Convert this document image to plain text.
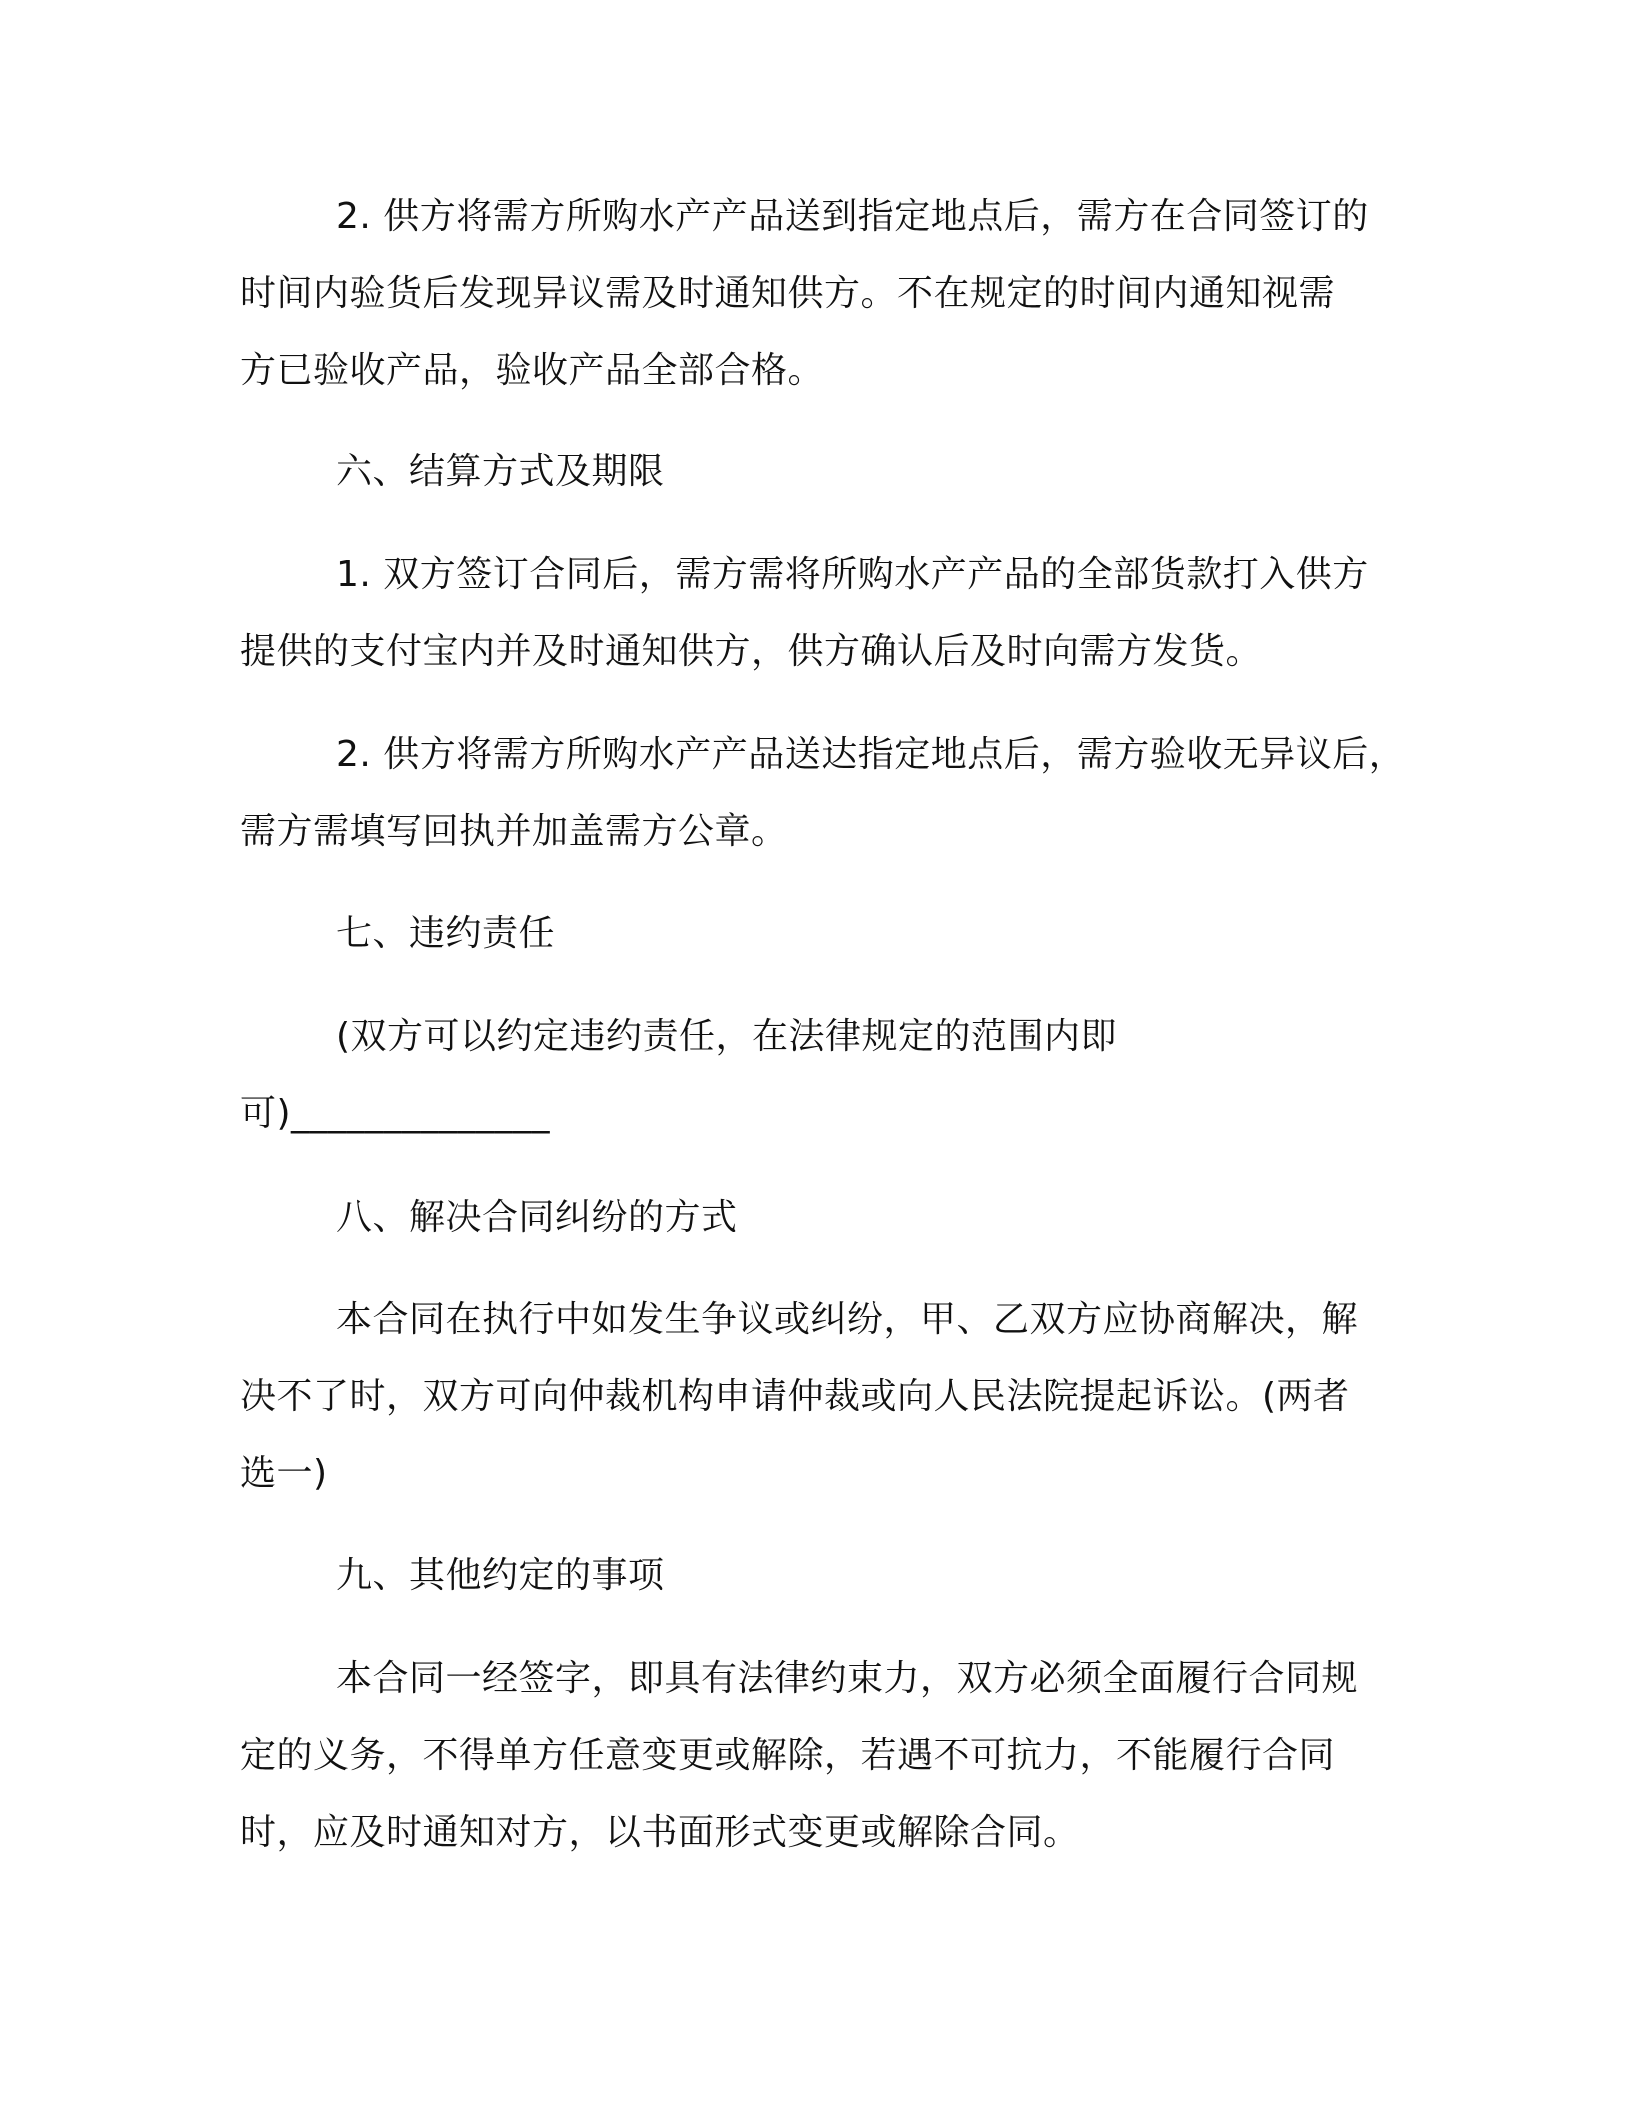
2. 供方将需方所购水产产品送到指定地点后，需方在合同签订的
时间内验货后发现异议需及时通知供方。不在规定的时间内通知视需
方已验收产品，验收产品全部合格。
六、结算方式及期限
1. 双方签订合同后，需方需将所购水产产品的全部货款打入供方
提供的支付宝内并及时通知供方，供方确认后及时向需方发货。
2. 供方将需方所购水产产品送达指定地点后，需方验收无异议后，
需方需填写回执并加盖需方公章。
七、违约责任
(双方可以约定违约责任，在法律规定的范围内即
可)______________
八、解决合同纠纷的方式
本合同在执行中如发生争议或纠纷，甲、乙双方应协商解决，解
决不了时，双方可向仲裁机构申请仲裁或向人民法院提起诉讼。(两者
选一)
九、其他约定的事项
本合同一经签字，即具有法律约束力，双方必须全面履行合同规
定的义务，不得单方任意变更或解除，若遇不可抗力，不能履行合同
时，应及时通知对方，以书面形式变更或解除合同。
